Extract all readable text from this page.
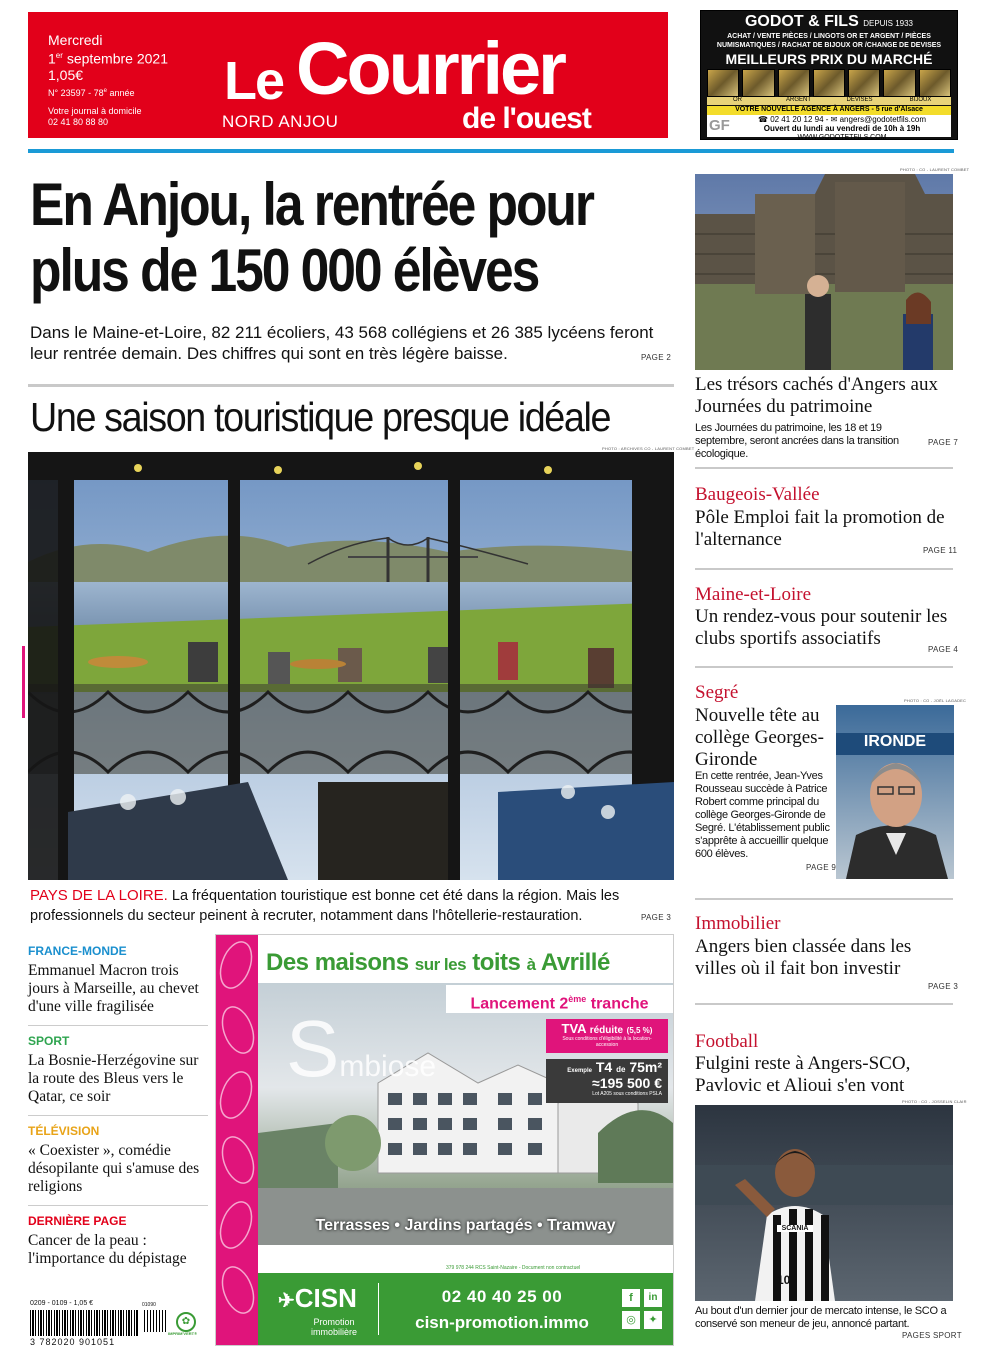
Mercredi
1er septembre 2021
1,05€
N° 23597 - 78e année
Votre journal à domicile
02 41 80 88 80
Le Courrier
de l'ouest
NORD ANJOU
GODOT & FILS DEPUIS 1933
ACHAT / VENTE PIÈCES / LINGOTS OR ET ARGENT / PIÈCES
NUMISMATIQUES / RACHAT DE BIJOUX OR /CHANGE DE DEVISES
MEILLEURS PRIX DU MARCHÉ
OR	ARGENT	DEVISES	BIJOUX
VOTRE NOUVELLE AGENCE À ANGERS - 5 rue d'Alsace
GF	☎ 02 41 20 12 94 - ✉ angers@godotetfils.com
Ouvert du lundi au vendredi de 10h à 19h
WWW.GODOTETFILS.COM
En Anjou, la rentrée pour
plus de 150 000 élèves
Dans le Maine-et-Loire, 82 211 écoliers, 43 568 collégiens et 26 385 lycéens feront leur rentrée demain. Des chiffres qui sont en très légère baisse.	PAGE 2
Une saison touristique presque idéale
PHOTO : ARCHIVES CO - LAURENT COMBET
PAYS DE LA LOIRE. La fréquentation touristique est bonne cet été dans la région. Mais les professionnels du secteur peinent à recruter, notamment dans l'hôtellerie-restauration.	PAGE 3
FRANCE-MONDE
Emmanuel Macron trois jours à Marseille, au chevet d'une ville fragilisée
SPORT
La Bosnie-Herzégovine sur la route des Bleus vers le Qatar, ce soir
TÉLÉVISION
« Coexister », comédie désopilante qui s'amuse des religions
DERNIÈRE PAGE
Cancer de la peau : l'importance du dépistage
0209 - 0109 - 1,05 €	01090
3 782020 901051
✿
IMPRIM'VERT®
Des maisons sur les toits à Avrillé
Smbiose
Lancement 2ème tranche
TVA réduite (5,5 %)
Sous conditions d'éligibilité à la location-accession
Exemple T4 de 75m²
≈195 500 €
Lot A205 sous conditions PSLA
Terrasses • Jardins partagés • Tramway
379 978 244 RCS Saint-Nazaire - Document non contractuel
✈CISN
Promotion immobilière
02 40 40 25 00
cisn-promotion.immo
f	in
◎	✦
PHOTO : CO - LAURENT COMBET
Les trésors cachés d'Angers aux Journées du patrimoine
Les Journées du patrimoine, les 18 et 19 septembre, seront ancrées dans la transition écologique.
PAGE 7
Baugeois-Vallée
Pôle Emploi fait la promotion de l'alternance
PAGE 11
Maine-et-Loire
Un rendez-vous pour soutenir les clubs sportifs associatifs
PAGE 4
Segré	PHOTO : CO - JOËL LAGADEC
Nouvelle tête au collège Georges-Gironde
En cette rentrée, Jean-Yves Rousseau succède à Patrice Robert comme principal du collège Georges-Gironde de Segré. L'établissement public s'apprête à accueillir quelque 600 élèves.
PAGE 9
IRONDE
Immobilier
Angers bien classée dans les villes où il fait bon investir
PAGE 3
Football
Fulgini reste à Angers-SCO, Pavlovic et Alioui s'en vont
PHOTO : CO - JOSSELIN CLAIR
SCANIA
10
Au bout d'un dernier jour de mercato intense, le SCO a conservé son meneur de jeu, annoncé partant.
PAGES SPORT
